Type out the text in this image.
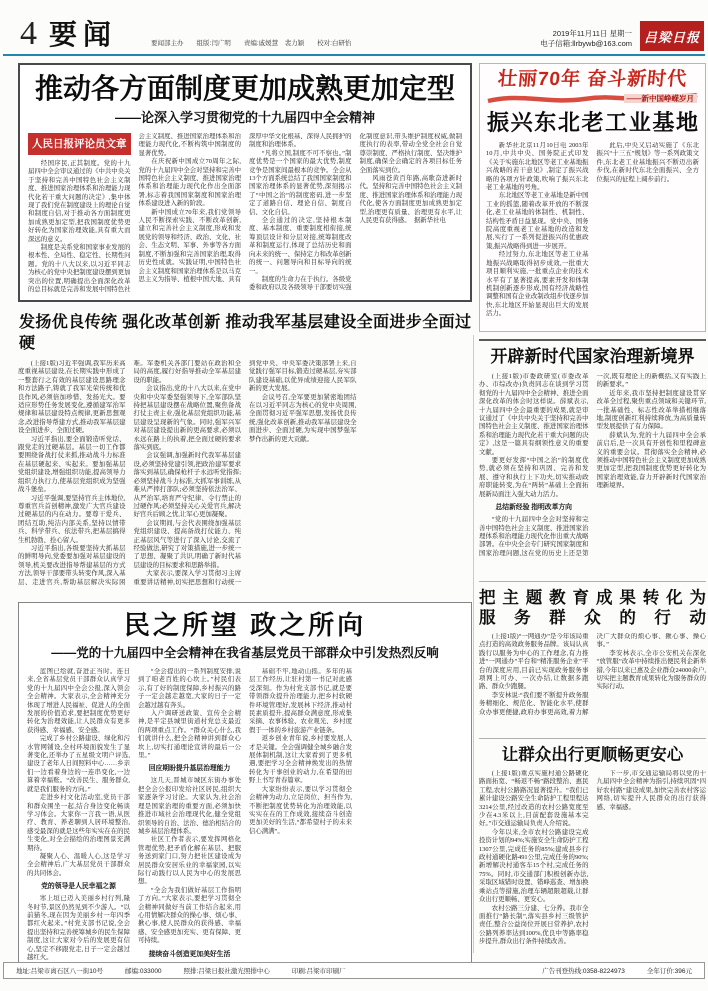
4 要闻	要闻部主办　　组版:闫广明　　责编:戚媛慧　裴力颖　　校对:白研怡
2019年11月11日 星期一
电子信箱:llrbywb@163.com 吕梁日报
推动各方面制度更加成熟更加定型
——论深入学习贯彻党的十九届四中全会精神
人民日报评论员文章

经国序民,正其制度。党的十九届四中全会审议通过的《中共中央关于坚持和完善中国特色社会主义制度、推进国家治理体系和治理能力现代化若干重大问题的决定》,集中体现了我们党在制度建设上的理论自觉和制度自信,对于推动各方面制度更加成熟更加定型,把我国制度优势更好转化为国家治理效能,具有重大而深远的意义。

制度是关系党和国家事业发展的根本性、全局性、稳定性、长期性问题。党的十八大以来,以习近平同志为核心的党中央把制度建设摆到更加突出的位置,明确提出全面深化改革的总目标就是完善和发展中国特色社会主义制度、推进国家治理体系和治理能力现代化,不断构筑中国制度的显著优势。

在庆祝新中国成立70周年之际,党的十九届四中全会对坚持和完善中国特色社会主义制度、推进国家治理体系和治理能力现代化作出全面部署,标志着我国国家制度和国家治理体系建设进入新的阶段。

新中国成立70年来,我们党领导人民不断探索实践、不断改革创新,建立和完善社会主义制度,形成和发展党的领导和经济、政治、文化、社会、生态文明、军事、外事等各方面制度,不断加强和完善国家治理,取得历史性成就。实践证明,中国特色社会主义制度和国家治理体系是以马克思主义为指导、植根中国大地、具有深厚中华文化根基、深得人民拥护的制度和治理体系。

“凡将立国,制度不可不察也。”制度优势是一个国家的最大优势,制度竞争是国家间最根本的竞争。全会从13个方面系统总结了我国国家制度和国家治理体系的显著优势,深刻揭示了“中国之治”的制度密码,进一步坚定了道路自信、理论自信、制度自信、文化自信。

全会通过的决定,坚持根本制度、基本制度、重要制度相衔接,统筹顶层设计和分层对接,统筹制度改革和制度运行,体现了总结历史和面向未来的统一、保持定力和改革创新的统一、问题导向和目标导向的统一。

制度的生命力在于执行。各级党委和政府以及各级领导干部要切实强化制度意识,带头维护制度权威,做制度执行的表率,带动全党全社会自觉尊崇制度、严格执行制度、坚决维护制度,确保全会确定的各项目标任务全面落实到位。

风雨苍黄百年路,高歌奋进新时代。坚持和完善中国特色社会主义制度、推进国家治理体系和治理能力现代化,使各方面制度更加成熟更加定型,治理更有质量、治理更有水平,让人民更有获得感。　据新华社电

发扬优良传统 强化改革创新 推动我军基层建设全面进步全面过硬

(上接1版)习近平强调,我军历来高度重视基层建设,在长期实践中形成了一整套行之有效的基层建设思路理念和方法路子,铸就了我军光荣传统和优良作风,必须倍加珍惜、发扬光大。要适应形势任务发展变化,遵循建军治军规律和基层建设特点规律,更新思想观念,改进指导帮建方式,推动我军基层建设全面进步、全面过硬。

习近平指出,要全面锻造听党话、跟党走的过硬基层。基层一切工作都要围绕备战打仗来抓,推动战斗力标准在基层硬起来、实起来。要加强基层党组织建设,增强组织功能,提高领导力组织力执行力,使基层党组织成为坚强战斗堡垒。

习近平强调,要坚持官兵主体地位,尊重官兵首创精神,激发广大官兵建设过硬基层的内在动力。要尊干爱兵、团结互助,纯洁内部关系,坚持以情带兵、科学带兵、依法带兵,把基层搞得生机勃勃、拴心留人。

习近平指出,各级要坚持大抓基层的鲜明导向,党委要加强对基层建设的领导,机关要改进指导帮建基层的方式方法,领导干部要带头转变作风,深入基层、走进官兵,帮助基层解决实际困难。军委机关各部门要站在政治和全局的高度,履行好指导推动全军基层建设的职能。

会议指出,党的十八大以来,在党中央和中央军委坚强领导下,全军部队坚持把基层建设摆在战略位置,聚焦备战打仗主责主业,强化基层党组织功能,基层建设呈现新的气象。同时,强军兴军对基层建设提出新的更高要求,必须以永远在路上的执着,把全面过硬的要求落实到底。

会议强调,加强新时代我军基层建设,必须坚持党建引领,把政治建军要求落实到基层,确保枪杆子永远听党指挥;必须坚持战斗力标准,大抓军事训练,从难从严摔打部队;必须坚持依法治军、从严治军,培育严守纪律、令行禁止的过硬作风;必须坚持关心关爱官兵,解决好官兵后顾之忧,让军心更加凝聚。

会议期间,与会代表围绕加强基层党组织建设、提高备战打仗能力、纯正基层风气等进行了深入讨论,交流了经验做法,研究了对策措施,进一步统一了思想、凝聚了共识,明确了新时代基层建设的目标要求和思路举措。

大家表示,要深入学习贯彻习主席重要讲话精神,切实把思想和行动统一到党中央、中央军委决策部署上来,自觉践行强军目标,锻造过硬基层,夯实部队建设基础,以优异成绩迎接人民军队新的更大发展。

会议号召,全军要更加紧密地团结在以习近平同志为核心的党中央周围,全面贯彻习近平强军思想,发扬优良传统,强化改革创新,推动我军基层建设全面进步、全面过硬,为实现中国梦强军梦作出新的更大贡献。

民之所望 政之所向
——党的十九届四中全会精神在我省基层党员干部群众中引发热烈反响

蓝图已绘就,奋进正当时。连日来,全省基层党员干部群众认真学习党的十九届四中全会公报,深入领会全会精神。大家表示,全会精神充分体现了增进人民福祉、促进人的全面发展的价值追求,要把制度优势更好转化为治理效能,让人民群众有更多获得感、幸福感、安全感。

完成了乡村公路建设、绿化和污水管网铺设,全村环境面貌发生了显著变化,还举办了五星级文明户评选,建设了老年人日间照料中心……乡亲们一边看着身边的一连串变化,一边算着幸福账。“改善民生、服务群众,就是我们服务的方向。”

走进乡村文化活动室,党员干部和群众围坐一起,结合身边变化畅谈学习体会。大家你一言我一语,从医疗、教育、养老聊到人居环境整治,感受最深的就是这些年实实在在的民生变化,对全会描绘的治理图景充满期待。

凝聚人心、温暖人心,这是学习全会精神后,广大基层党员干部群众的共同体会。

党的领导是人民幸福之源

寒上垣已迈入美丽乡村行列,隆冬时节,景区仍然见到不少游人。“以前猫冬,现在因为美丽乡村一年四季都红火起来。”村党支部书记说,全会提出坚持和完善统筹城乡的民生保障制度,这让大家对今后的发展更有信心,坚定不移跟党走,日子一定会越过越红火。

“全会提出的一系列制度安排,说到了咱老百姓的心坎上。”村民们表示,有了好的制度保障,乡村振兴的路子一定会越走越宽,大家的日子一定会越过越有奔头。

入户调研送政策、宣传全会精神,是平定县城里街道村党总支最近的两项重点工作。“群众关心什么,我们就讲什么,把全会精神讲到群众心坎上,切实打通理论宣讲的最后一公里。”

回应期盼提升基层治理能力

这几天,晋城市城区东街办事处把全会公报印发给社区居民,组织大家逐条学习讨论。大家认为,社会治理是国家治理的重要方面,必须加快推进市域社会治理现代化,健全党组织领导的自治、法治、德治相结合的城乡基层治理体系。

社区工作者表示,要发挥网格化管理优势,把矛盾化解在基层、把服务送到家门口,努力把社区建设成为居民群众安居乐业的幸福家园,以实际行动践行以人民为中心的发展思想。

“全会为我们做好基层工作指明了方向。”大家表示,要把学习贯彻全会精神同做好当前工作结合起来,用心用情解决群众的操心事、烦心事、揪心事,使人民群众的获得感、幸福感、安全感更加充实、更有保障、更可持续。

接续奋斗创造更加美好生活

基础不牢,地动山摇。多年的基层工作经历,让驻村第一书记对此感受深刻。作为村党支部书记,就是要带领群众提升治理能力,把乡村软硬件环境管理好,发展林下经济,推动村民素质提升,提高群众满意度,形成集采摘、农事体验、农业观光、乡村度假于一体的乡村旅游产业链条。

返乡创业青年说,乡村要发展,人才是关键。全会强调健全城乡融合发展体制机制,这让大家看到了更多机遇,要把学习全会精神焕发出的热情转化为干事创业的动力,在希望的田野上书写青春篇章。

大家纷纷表示,要以学习贯彻全会精神为动力,立足岗位、担当作为,不断把制度优势转化为治理效能,以实实在在的工作成效,接续奋斗创造更加美好的生活,“都希望村子的未来信心满满”。

壮丽70年 奋斗新时代
——新中国峥嵘岁月
振兴东北老工业基地

新华社北京11月10日电 2003年10月,中共中央、国务院正式印发《关于实施东北地区等老工业基地振兴战略的若干意见》,制定了振兴战略的各项方针政策,吹响了振兴东北老工业基地的号角。

东北地区等老工业基地是新中国工业的摇篮,随着改革开放的不断深化,老工业基地的体制性、机制性、结构性矛盾日益显现。党中央、国务院高度重视老工业基地的改造和发展,实行了一系列促进振兴的优惠政策,振兴战略得到进一步展开。

经过努力,东北地区等老工业基地振兴战略取得初步成效,一批重大项目顺利实施,一批重点企业的技术水平有了显著提高,要素开发和体制机制创新逐步形成,国有经济战略性调整和国有企业改制改组步伐逐步加快,东北地区开始显现出巨大的发展活力。

此后,中央又启动实施了《东北振兴“十三五”规划》等一系列政策文件,东北老工业基地振兴不断迈出新步伐,在新时代东北全面振兴、全方位振兴的征程上阔步前行。

开辟新时代国家治理新境界

(上接1版)市委政研室(市委改革办、市综改办)负责同志在谈到学习贯彻党的十九届四中全会精神、推进全面深化改革的体会时这样说。薛斌表示,十九届四中全会最重要的成果,就是审议通过了《中共中央关于坚持和完善中国特色社会主义制度、推进国家治理体系和治理能力现代化若干重大问题的决定》,这是一篇具有纲领性意义的重要文献。

要更好发挥“中国之治”的制度优势,就必须在坚持和巩固、完善和发展、遵守和执行上下功夫,切实推动政府职能转变,为在“两转”基础上全面拓展新局面注入强大动力活力。

总结新经验 指明改革方向

“党的十九届四中全会对坚持和完善中国特色社会主义制度、推进国家治理体系和治理能力现代化作出重大战略部署。在中央全会专门研究国家制度和国家治理问题,这在党的历史上还是第一次,既有理论上的新概括,又有实践上的新要求。”

近年来,我市坚持把制度建设贯穿改革全过程,聚焦重点领域和关键环节,一批基础性、标志性改革举措相继落地,制度创新红利持续释放,为高质量转型发展提供了有力保障。

薛斌认为,党的十九届四中全会承前启后,是一次具有开创性和里程碑意义的重要会议。贯彻落实全会精神,必须推动中国特色社会主义制度更加成熟更加定型,把我国制度优势更好转化为国家治理效能,奋力开辟新时代国家治理新境界。

把主题教育成果转化为
服务群众的行动

(上接1版)“一网通办”是今年该局重点打造的高效政务服务品牌。该局认真践行以服务为中心的工作理念,有力推进“一网通办”平台和“精准服务企业”平台的深度应用,目前已实现政务服务事项网上可办、一次办结,让数据多跑路、群众少跑腿。

李安林说:“我们要不断提升政务服务精细化、规范化、智能化水平,使群众办事更便捷,政府办事更高效,着力解决广大群众的烦心事、揪心事、操心事。”

李安林表示,全市公安机关在深化“放管服”改革中持续推出便民利企新举措,今年以来已惠及企业群众24000余户,切实把主题教育成果转化为服务群众的实际行动。

让群众出行更顺畅更安心

(上接1版)重点实施村通公路硬化路面拓宽、“畅返不畅”路段整治、惠民工程,农村公路路况显著提升。“我们已累计建设公路安全生命防护工程里程达3214公里,经过改造的农村公路宽度至少在4.3米以上,目前配套设施基本完好。”市交通运输局负责人介绍说。

今年以来,全市农村公路建设完成投资计划的94%;实施安全生命防护工程1307公里,完成任务的85%;建成县乡行政村通硬化路491公里,完成任务的90%;新增解决村通客车15个村,完成任务的75%。同时,市交通部门积极创新办法,采取区域错时设置、错峰巡查、增加换乘站点等措施,治理车辆超限超载,让群众出行更顺畅、更安心。

农村公路三分建、七分养。我市全面推行“路长制”,落实县乡村三级管护责任,整合公益岗位开展日常养护,农村公路列养率达到100%,优良中等路率稳步提升,群众出行条件持续改善。

下一步,市交通运输局将以党的十九届四中全会精神为指引,持续巩固“四好农村路”建设成果,加快完善农村客运网络,切实提升人民群众的出行获得感、幸福感。

地址:吕梁市离石区八一街10号	邮编:033000	照排:吕梁日报社激光照排中心	印刷:吕梁市印刷厂	广告刊登热线:0358-8224973	全年订价:396元
